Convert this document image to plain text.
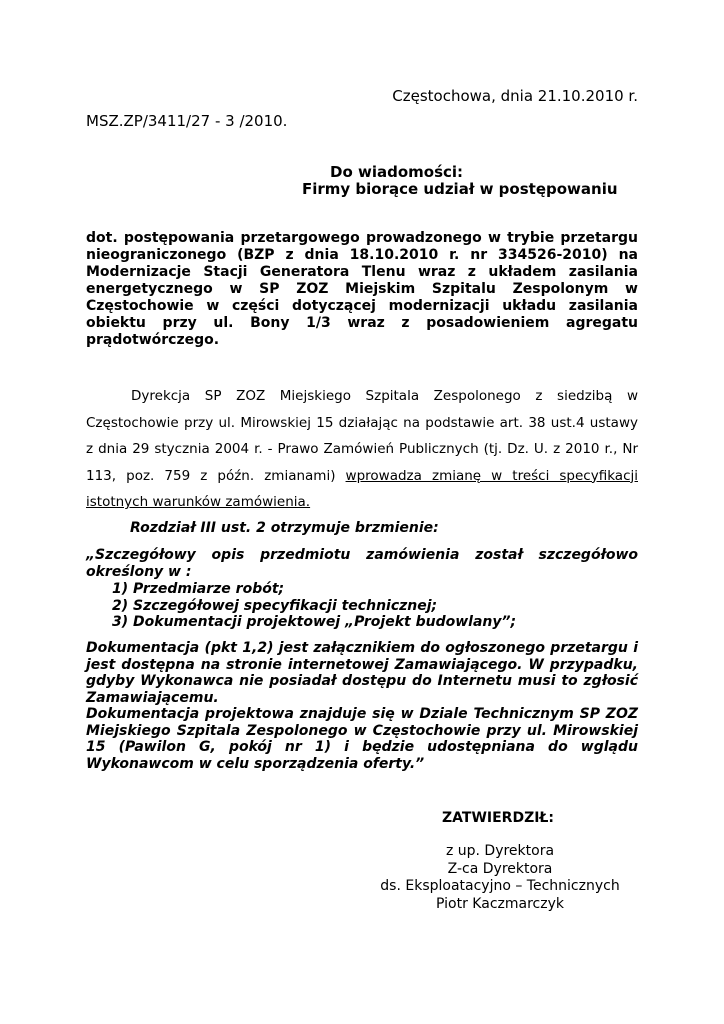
Częstochowa, dnia 21.10.2010 r.
MSZ.ZP/3411/27 - 3 /2010.
Do wiadomości:
Firmy biorące udział w postępowaniu

dot. postępowania przetargowego prowadzonego w trybie przetargu nieograniczonego (BZP z dnia 18.10.2010 r. nr 334526-2010) na Modernizacje Stacji Generatora Tlenu wraz z układem zasilania energetycznego w SP ZOZ Miejskim Szpitalu Zespolonym w Częstochowie w części dotyczącej modernizacji układu zasilania obiektu przy ul. Bony 1/3 wraz z posadowieniem agregatu prądotwórczego.

Dyrekcja SP ZOZ Miejskiego Szpitala Zespolonego z siedzibą w Częstochowie przy ul. Mirowskiej 15 działając na podstawie art. 38 ust.4 ustawy z dnia 29 stycznia 2004 r. - Prawo Zamówień Publicznych (tj. Dz. U. z 2010 r., Nr 113, poz. 759 z późn. zmianami) wprowadza zmianę w treści specyfikacji istotnych warunków zamówienia.

Rozdział III ust. 2 otrzymuje brzmienie:

„Szczegółowy opis przedmiotu zamówienia został szczegółowo określony w :

1) Przedmiarze robót;
2) Szczegółowej specyfikacji technicznej;
3) Dokumentacji projektowej „Projekt budowlany”;

Dokumentacja (pkt 1,2) jest załącznikiem do ogłoszonego przetargu i jest dostępna na stronie internetowej Zamawiającego. W przypadku, gdyby Wykonawca nie posiadał dostępu do Internetu musi to zgłosić Zamawiającemu.

Dokumentacja projektowa znajduje się w Dziale Technicznym SP ZOZ Miejskiego Szpitala Zespolonego w Częstochowie przy ul. Mirowskiej 15 (Pawilon G, pokój nr 1) i będzie udostępniana do wglądu Wykonawcom w celu sporządzenia oferty.”

ZATWIERDZIŁ:
z up. Dyrektora
Z-ca Dyrektora
ds. Eksploatacyjno – Technicznych
Piotr Kaczmarczyk
